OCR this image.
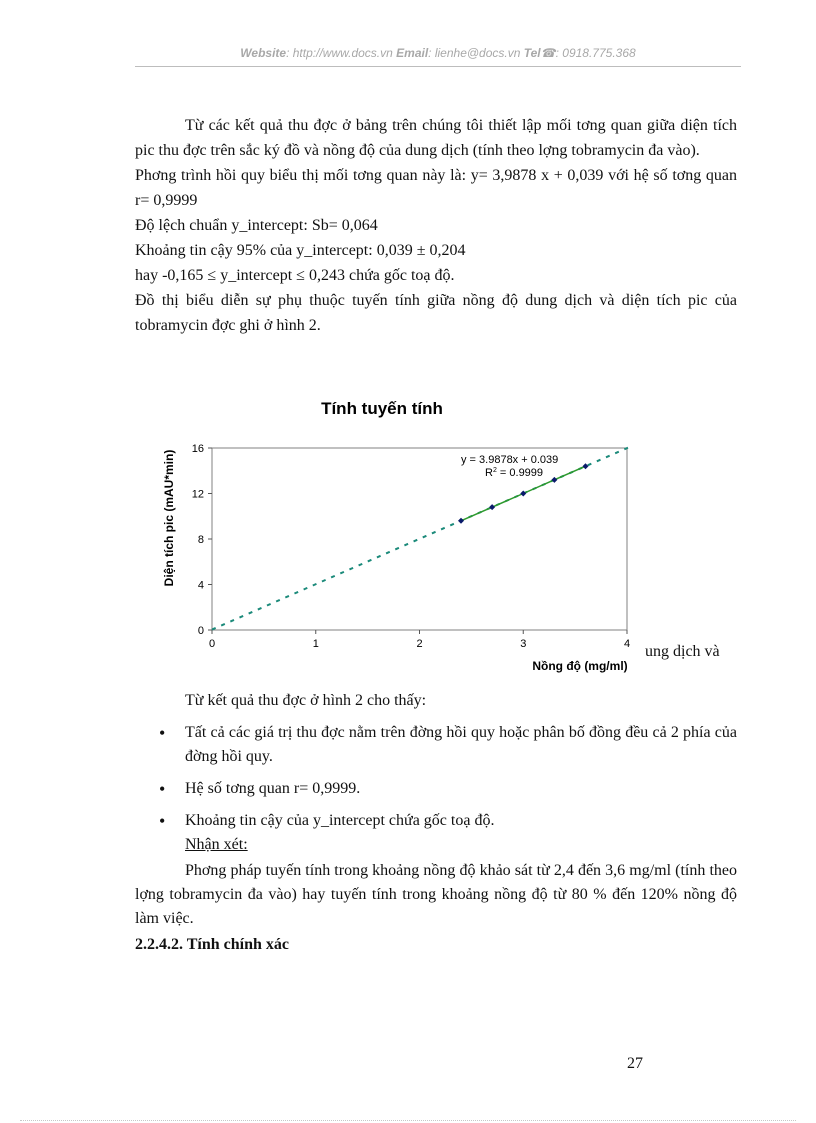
Website: http://www.docs.vn Email: lienhe@docs.vn Tel☎: 0918.775.368

Từ các kết quả thu đợc ở bảng trên chúng tôi thiết lập mối tơng quan giữa diện tích pic thu đợc trên sắc ký đồ và nồng độ của dung dịch (tính theo lợng tobramycin đa vào).

Phơng trình hồi quy biểu thị mối tơng quan này là: y= 3,9878 x + 0,039 với hệ số tơng quan r= 0,9999

Độ lệch chuẩn y_intercept: Sb= 0,064

Khoảng tin cậy 95% của y_intercept: 0,039 ± 0,204

hay -0,165 ≤ y_intercept ≤ 0,243 chứa gốc toạ độ.

Đồ thị biểu diễn sự phụ thuộc tuyến tính giữa nồng độ dung dịch và diện tích pic của tobramycin đợc ghi ở hình 2.

Tính tuyến tính
0
4
8
12
16
0	1	2	3	4
y = 3.9878x + 0.039
$R^2 = 0.9999$
Diện tích pic (mAU*min)
Nồng độ (mg/ml)
ung dịch và

Từ kết quả thu đợc ở hình 2 cho thấy:

• Tất cả các giá trị thu đợc nằm trên đờng hồi quy hoặc phân bố đồng đều cả 2 phía của đờng hồi quy.

• Hệ số tơng quan r= 0,9999.

• Khoảng tin cậy của y_intercept chứa gốc toạ độ.

Nhận xét:

Phơng pháp tuyến tính trong khoảng nồng độ khảo sát từ 2,4 đến 3,6 mg/ml (tính theo lợng tobramycin đa vào) hay tuyến tính trong khoảng nồng độ từ 80 % đến 120% nồng độ làm việc.

2.2.4.2. Tính chính xác

27
